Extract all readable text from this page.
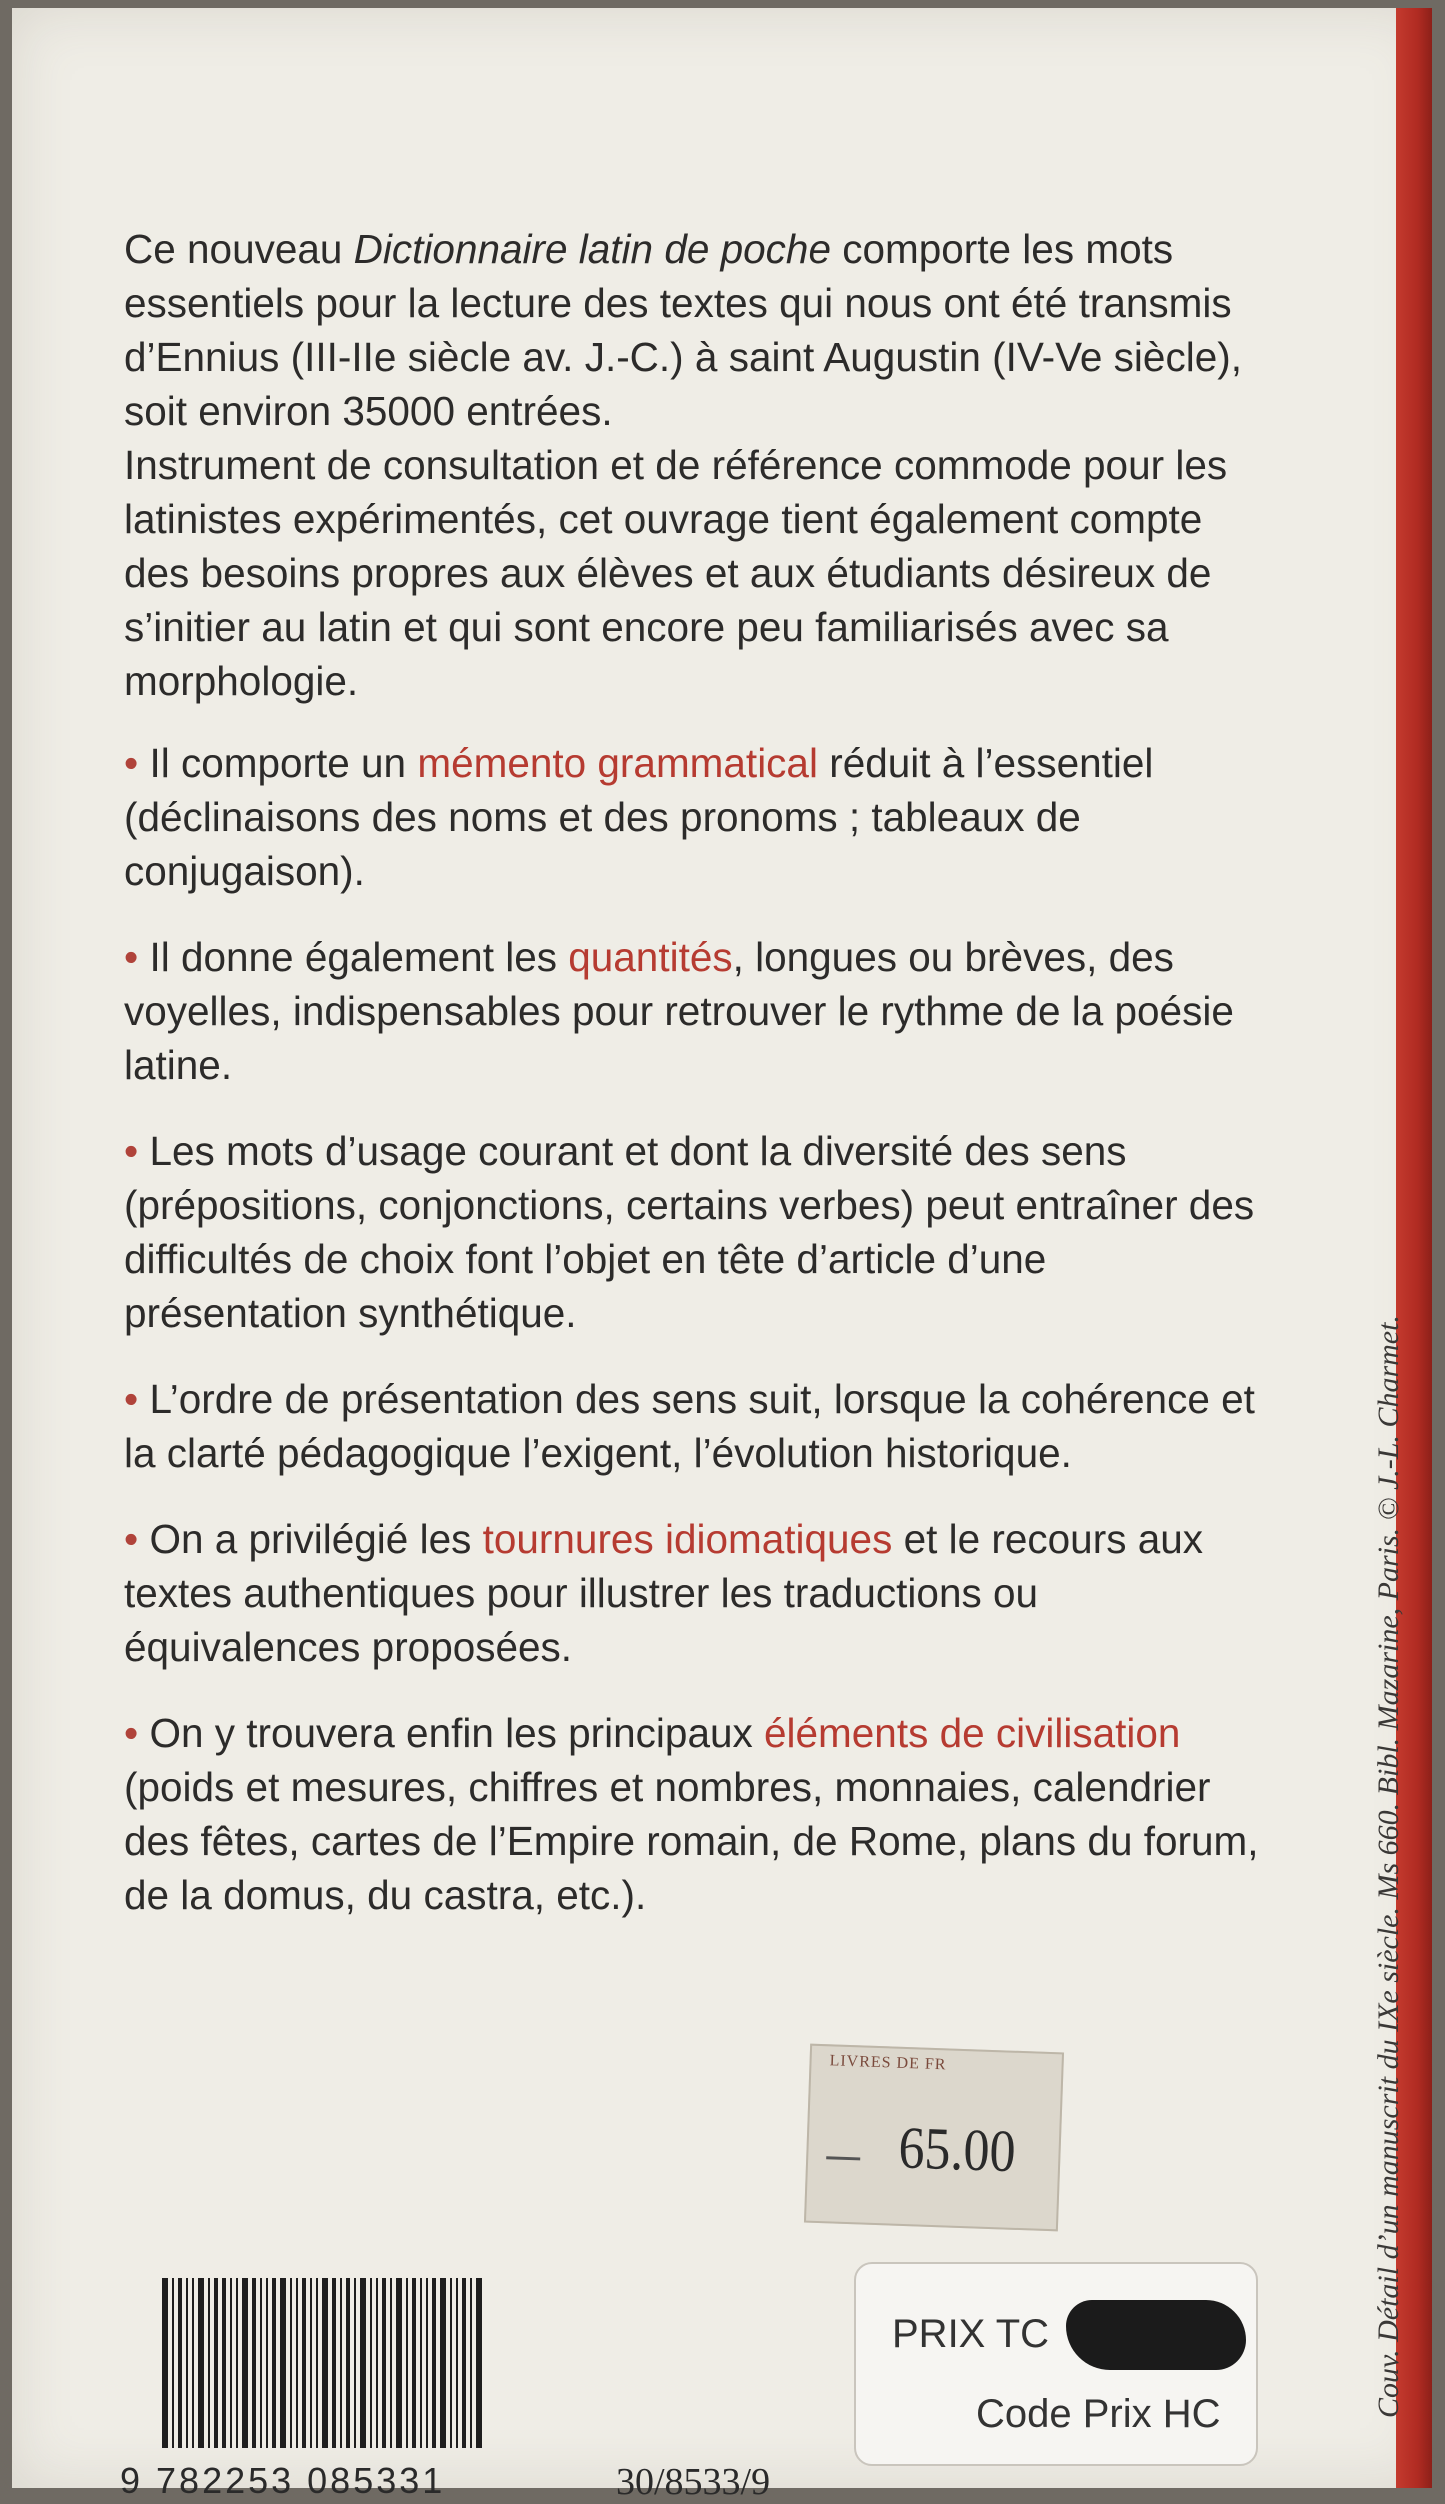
Ce nouveau Dictionnaire latin de poche comporte les mots essentiels pour la lecture des textes qui nous ont été transmis d’Ennius (III-IIe siècle av. J.-C.) à saint Augustin (IV-Ve siècle), soit environ 35000 entrées.
Instrument de consultation et de référence commode pour les latinistes expérimentés, cet ouvrage tient également compte des besoins propres aux élèves et aux étudiants désireux de s’initier au latin et qui sont encore peu familiarisés avec sa morphologie.

• Il comporte un mémento grammatical réduit à l’essentiel (déclinaisons des noms et des pronoms ; tableaux de conjugaison).

• Il donne également les quantités, longues ou brèves, des voyelles, indispensables pour retrouver le rythme de la poésie latine.

• Les mots d’usage courant et dont la diversité des sens (prépositions, conjonctions, certains verbes) peut entraîner des difficultés de choix font l’objet en tête d’article d’une présentation synthétique.

• L’ordre de présentation des sens suit, lorsque la cohérence et la clarté pédagogique l’exigent, l’évolution historique.

• On a privilégié les tournures idiomatiques et le recours aux textes authentiques pour illustrer les traductions ou équivalences proposées.

• On y trouvera enfin les principaux éléments de civilisation (poids et mesures, chiffres et nombres, monnaies, calendrier des fêtes, cartes de l’Empire romain, de Rome, plans du forum, de la domus, du castra, etc.).	Couv. Détail d’un manuscrit du IXe siècle. Ms 660. Bibl. Mazarine, Paris. © J.-L. Charmet.
LIVRES DE FR
65.00
9 782253 085331	30/8533/9
PRIX TC
Code Prix HC
